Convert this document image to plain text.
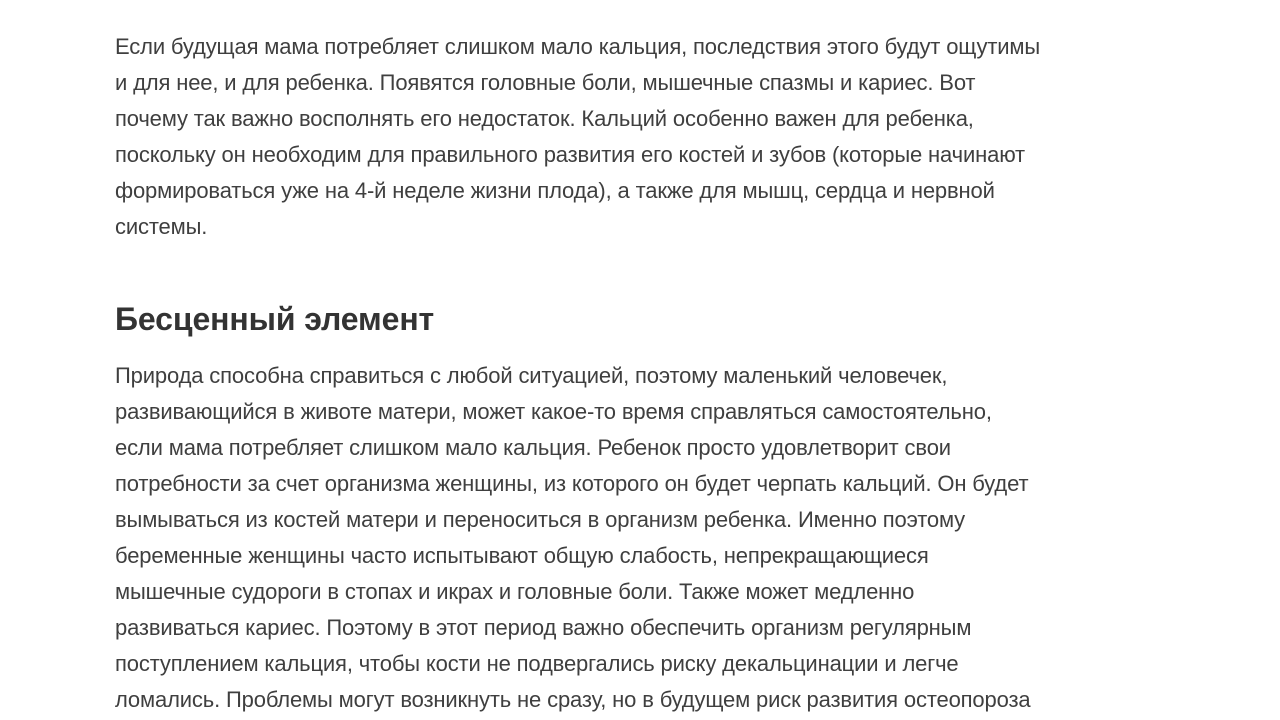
Если будущая мама потребляет слишком мало кальция, последствия этого будут ощутимы
и для нее, и для ребенка. Появятся головные боли, мышечные спазмы и кариес. Вот
почему так важно восполнять его недостаток. Кальций особенно важен для ребенка,
поскольку он необходим для правильного развития его костей и зубов (которые начинают
формироваться уже на 4-й неделе жизни плода), а также для мышц, сердца и нервной
системы.

Бесценный элемент

Природа способна справиться с любой ситуацией, поэтому маленький человечек,
развивающийся в животе матери, может какое-то время справляться самостоятельно,
если мама потребляет слишком мало кальция. Ребенок просто удовлетворит свои
потребности за счет организма женщины, из которого он будет черпать кальций. Он будет
вымываться из костей матери и переноситься в организм ребенка. Именно поэтому
беременные женщины часто испытывают общую слабость, непрекращающиеся
мышечные судороги в стопах и икрах и головные боли. Также может медленно
развиваться кариес. Поэтому в этот период важно обеспечить организм регулярным
поступлением кальция, чтобы кости не подвергались риску декальцинации и легче
ломались. Проблемы могут возникнуть не сразу, но в будущем риск развития остеопороза
